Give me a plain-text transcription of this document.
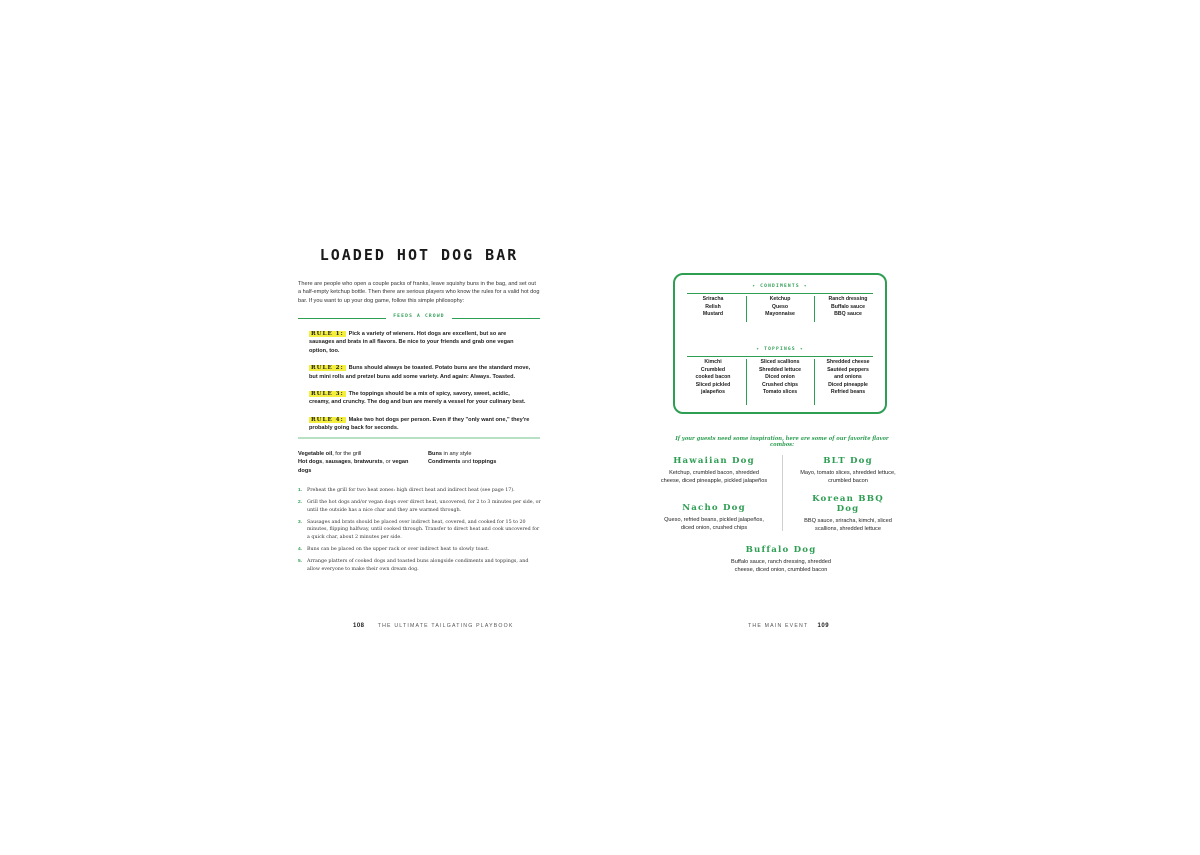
LOADED HOT DOG BAR
There are people who open a couple packs of franks, leave squishy buns in the bag, and set out a half-empty ketchup bottle. Then there are serious players who know the rules for a valid hot dog bar. If you want to up your dog game, follow this simple philosophy:
FEEDS A CROWD
RULE 1: Pick a variety of wieners. Hot dogs are excellent, but so are sausages and brats in all flavors. Be nice to your friends and grab one vegan option, too.
RULE 2: Buns should always be toasted. Potato buns are the standard move, but mini rolls and pretzel buns add some variety. And again: Always. Toasted.
RULE 3: The toppings should be a mix of spicy, savory, sweet, acidic, creamy, and crunchy. The dog and bun are merely a vessel for your culinary best.
RULE 4: Make two hot dogs per person. Even if they "only want one," they're probably going back for seconds.
Vegetable oil, for the grill
Hot dogs, sausages, bratwursts, or vegan dogs
Buns in any style
Condiments and toppings
1. Preheat the grill for two heat zones: high direct heat and indirect heat (see page 17).
2. Grill the hot dogs and/or vegan dogs over direct heat, uncovered, for 2 to 3 minutes per side, or until the outside has a nice char and they are warmed through.
3. Sausages and brats should be placed over indirect heat, covered, and cooked for 15 to 20 minutes, flipping halfway, until cooked through. Transfer to direct heat and cook uncovered for a quick char, about 2 minutes per side.
4. Buns can be placed on the upper rack or over indirect heat to slowly toast.
5. Arrange platters of cooked dogs and toasted buns alongside condiments and toppings, and allow everyone to make their own dream dog.
108	THE ULTIMATE TAILGATING PLAYBOOK
✦ CONDIMENTS ✦
Sriracha
Relish
Mustard
Ketchup
Queso
Mayonnaise
Ranch dressing
Buffalo sauce
BBQ sauce
✦ TOPPINGS ✦
Kimchi
Crumbled cooked bacon
Sliced pickled jalapeños
Sliced scallions
Shredded lettuce
Diced onion
Crushed chips
Tomato slices
Shredded cheese
Sautéed peppers and onions
Diced pineapple
Refried beans
If your guests need some inspiration, here are some of our favorite flavor combos:
Hawaiian Dog
Ketchup, crumbled bacon, shredded cheese, diced pineapple, pickled jalapeños
Nacho Dog
Queso, refried beans, pickled jalapeños, diced onion, crushed chips
BLT Dog
Mayo, tomato slices, shredded lettuce, crumbled bacon
Korean BBQ Dog
BBQ sauce, sriracha, kimchi, sliced scallions, shredded lettuce
Buffalo Dog
Buffalo sauce, ranch dressing, shredded cheese, diced onion, crumbled bacon
THE MAIN EVENT 109
